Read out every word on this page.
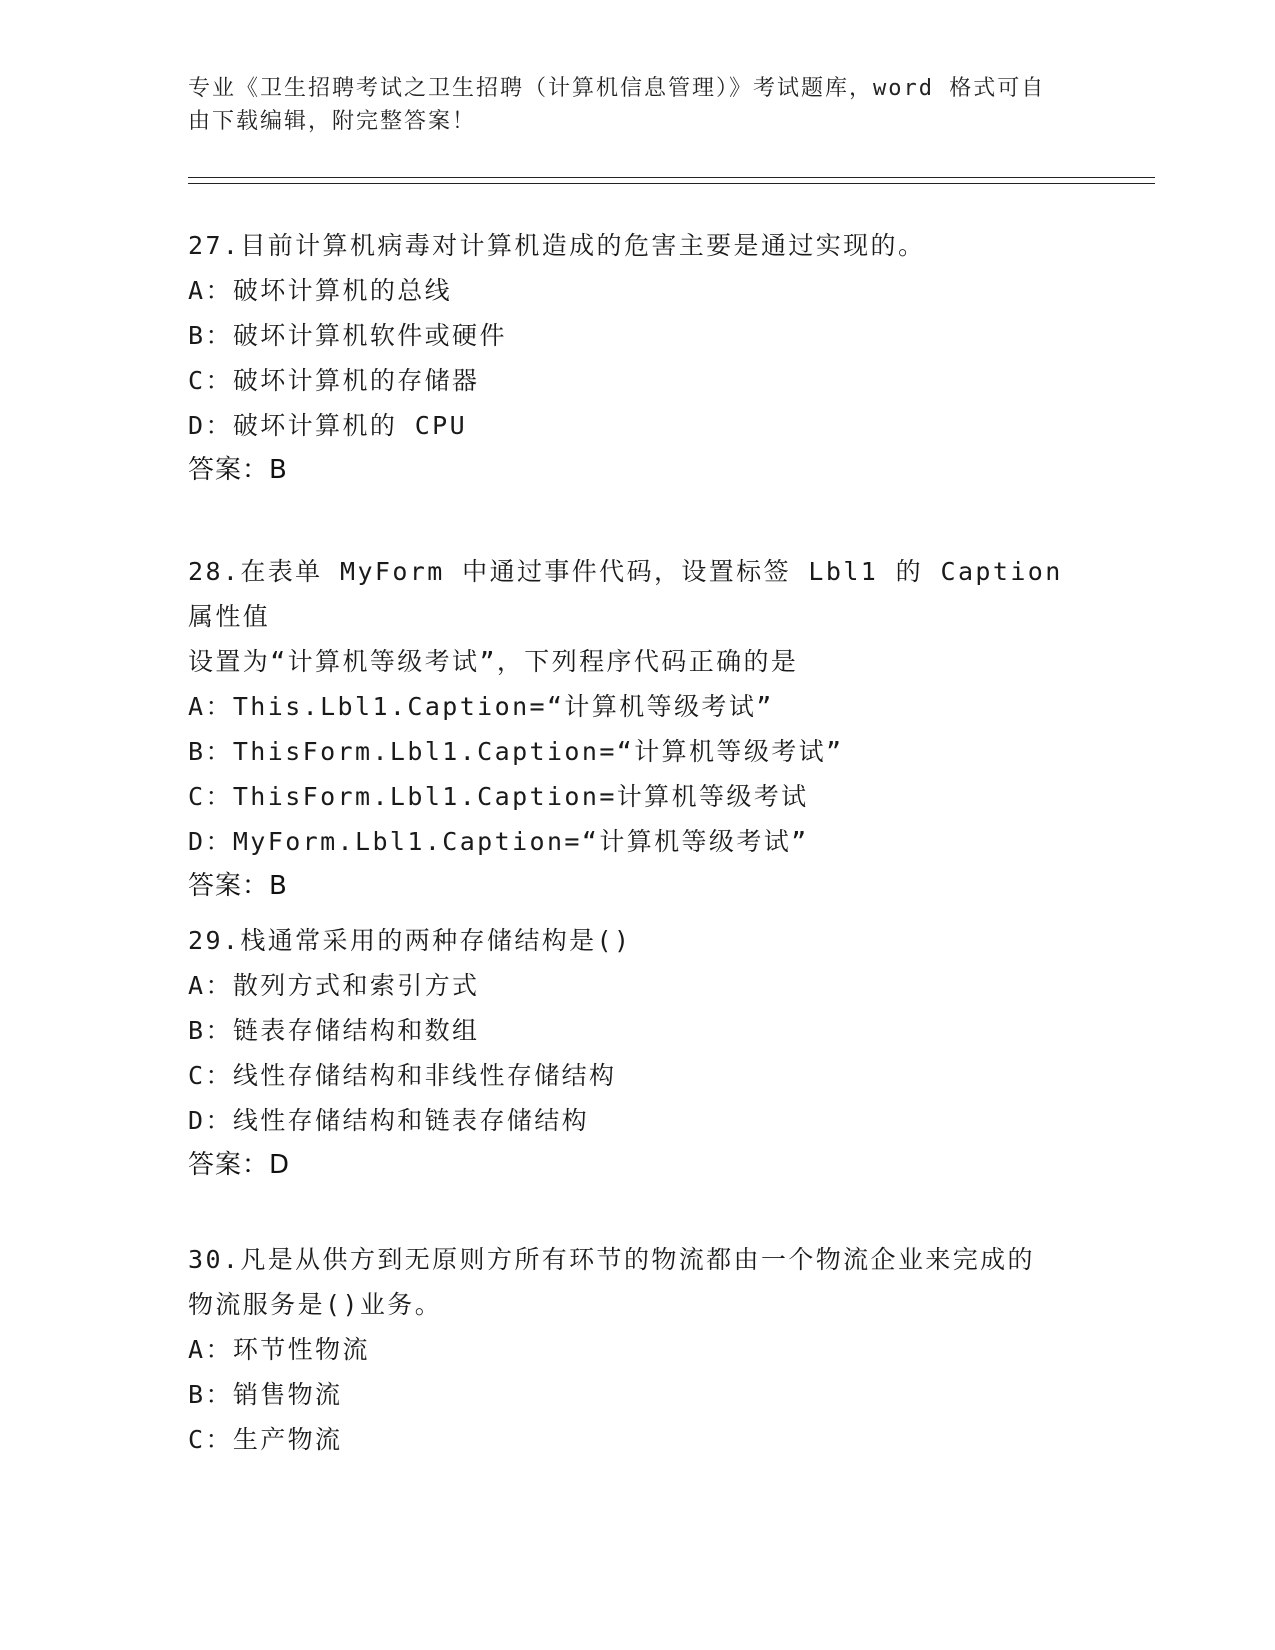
专业《卫生招聘考试之卫生招聘（计算机信息管理）》考试题库，word 格式可自
由下载编辑，附完整答案！

27.目前计算机病毒对计算机造成的危害主要是通过实现的。

A：破坏计算机的总线

B：破坏计算机软件或硬件

C：破坏计算机的存储器

D：破坏计算机的 CPU

答案：B

28.在表单 MyForm 中通过事件代码，设置标签 Lbl1 的 Caption 属性值

设置为“计算机等级考试”，下列程序代码正确的是

A：This.Lbl1.Caption=“计算机等级考试”

B：ThisForm.Lbl1.Caption=“计算机等级考试”

C：ThisForm.Lbl1.Caption=计算机等级考试

D：MyForm.Lbl1.Caption=“计算机等级考试”

答案：B

29.栈通常采用的两种存储结构是()

A：散列方式和索引方式

B：链表存储结构和数组

C：线性存储结构和非线性存储结构

D：线性存储结构和链表存储结构

答案：D

30.凡是从供方到无原则方所有环节的物流都由一个物流企业来完成的

物流服务是()业务。

A：环节性物流

B：销售物流

C：生产物流
